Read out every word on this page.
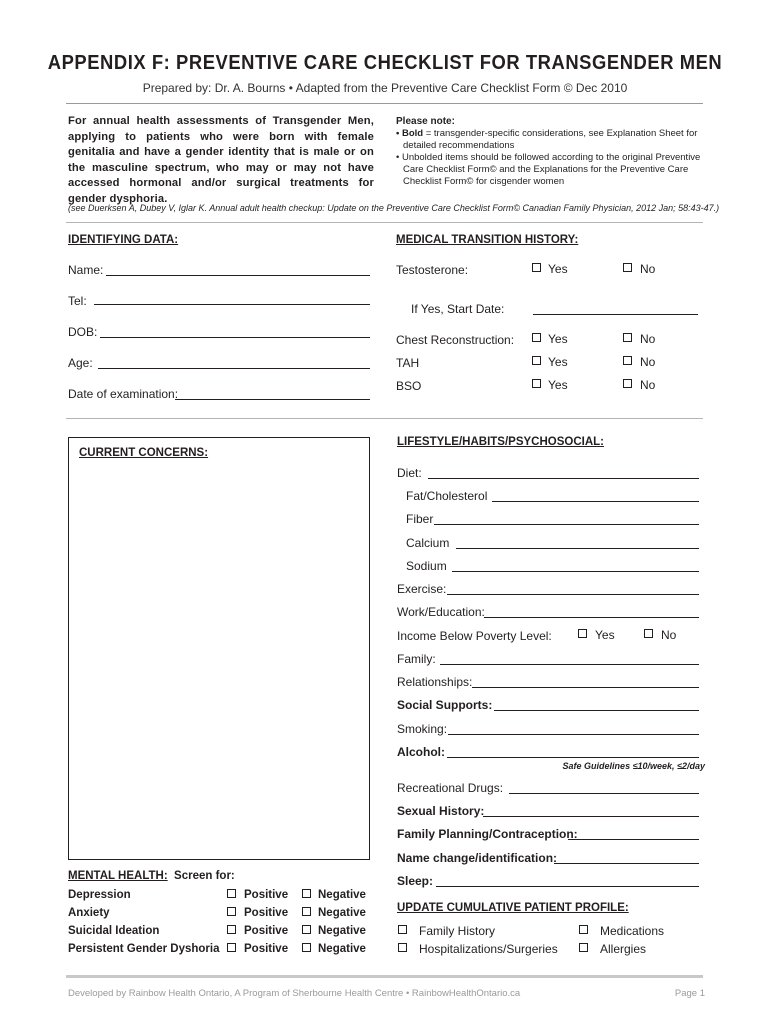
APPENDIX F: PREVENTIVE CARE CHECKLIST FOR TRANSGENDER MEN
Prepared by: Dr. A. Bourns • Adapted from the Preventive Care Checklist Form © Dec 2010
For annual health assessments of Transgender Men, applying to patients who were born with female genitalia and have a gender identity that is male or on the masculine spectrum, who may or may not have accessed hormonal and/or surgical treatments for gender dysphoria.
Please note:
• Bold = transgender-specific considerations, see Explanation Sheet for
detailed recommendations
• Unbolded items should be followed according to the original Preventive
Care Checklist Form© and the Explanations for the Preventive Care
Checklist Form© for cisgender women
(see Duerksen A, Dubey V, Iglar K. Annual adult health checkup: Update on the Preventive Care Checklist Form© Canadian Family Physician, 2012 Jan; 58:43-47.)
IDENTIFYING DATA:
Name:
Tel:
DOB:
Age:
Date of examination:
MEDICAL TRANSITION HISTORY:
Testosterone:	Yes	No
If Yes, Start Date:
Chest Reconstruction:	Yes	No
TAH	Yes	No
BSO	Yes	No
CURRENT CONCERNS:
LIFESTYLE/HABITS/PSYCHOSOCIAL:
Diet:
Fat/Cholesterol
Fiber
Calcium
Sodium
Exercise:
Work/Education:
Income Below Poverty Level:	Yes	No
Family:
Relationships:
Social Supports:
Smoking:
Alcohol:
Safe Guidelines ≤10/week, ≤2/day
Recreational Drugs:
Sexual History:
Family Planning/Contraception:
Name change/identification:
Sleep:
MENTAL HEALTH: Screen for:
Depression	Positive	Negative
Anxiety	Positive	Negative
Suicidal Ideation	Positive	Negative
Persistent Gender Dyshoria Positive	Negative
UPDATE CUMULATIVE PATIENT PROFILE:
Family History	Medications
Hospitalizations/Surgeries	Allergies
Developed by Rainbow Health Ontario, A Program of Sherbourne Health Centre • RainbowHealthOntario.ca	Page 1
